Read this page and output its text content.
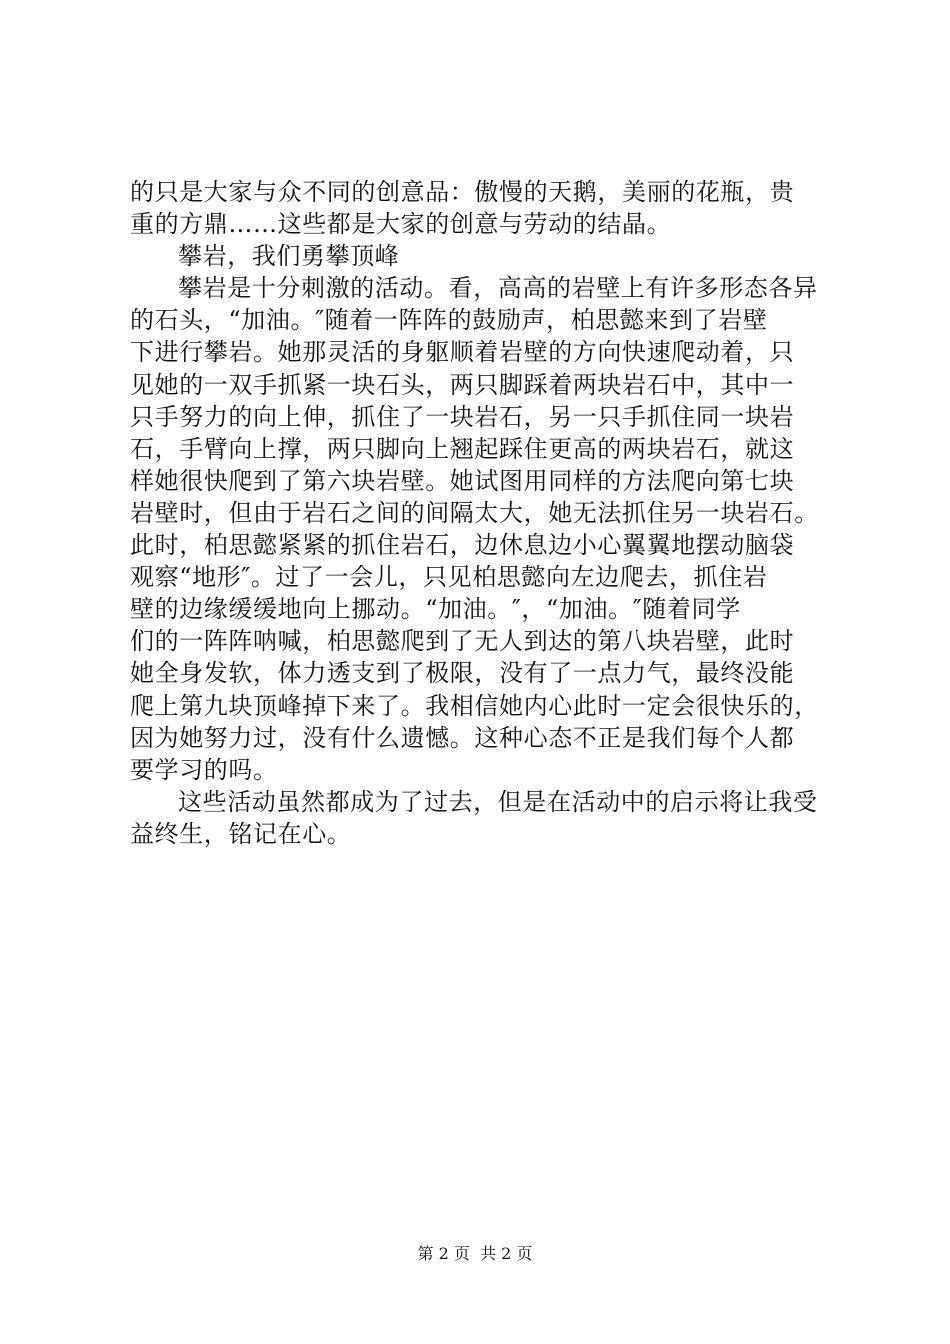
的只是大家与众不同的创意品：傲慢的天鹅，美丽的花瓶，贵
重的方鼎……这些都是大家的创意与劳动的结晶。
攀岩，我们勇攀顶峰
攀岩是十分刺激的活动。看，高高的岩壁上有许多形态各异
的石头，“加油。″随着一阵阵的鼓励声，柏思懿来到了岩壁
下进行攀岩。她那灵活的身躯顺着岩壁的方向快速爬动着，只
见她的一双手抓紧一块石头，两只脚踩着两块岩石中，其中一
只手努力的向上伸，抓住了一块岩石，另一只手抓住同一块岩
石，手臂向上撑，两只脚向上翘起踩住更高的两块岩石，就这
样她很快爬到了第六块岩壁。她试图用同样的方法爬向第七块
岩壁时，但由于岩石之间的间隔太大，她无法抓住另一块岩石。
此时，柏思懿紧紧的抓住岩石，边休息边小心翼翼地摆动脑袋
观察“地形″。过了一会儿，只见柏思懿向左边爬去，抓住岩
壁的边缘缓缓地向上挪动。“加油。″，“加油。″随着同学
们的一阵阵呐喊，柏思懿爬到了无人到达的第八块岩壁，此时
她全身发软，体力透支到了极限，没有了一点力气，最终没能
爬上第九块顶峰掉下来了。我相信她内心此时一定会很快乐的，
因为她努力过，没有什么遗憾。这种心态不正是我们每个人都
要学习的吗。
这些活动虽然都成为了过去，但是在活动中的启示将让我受
益终生，铭记在心。
第 2 页  共 2 页
